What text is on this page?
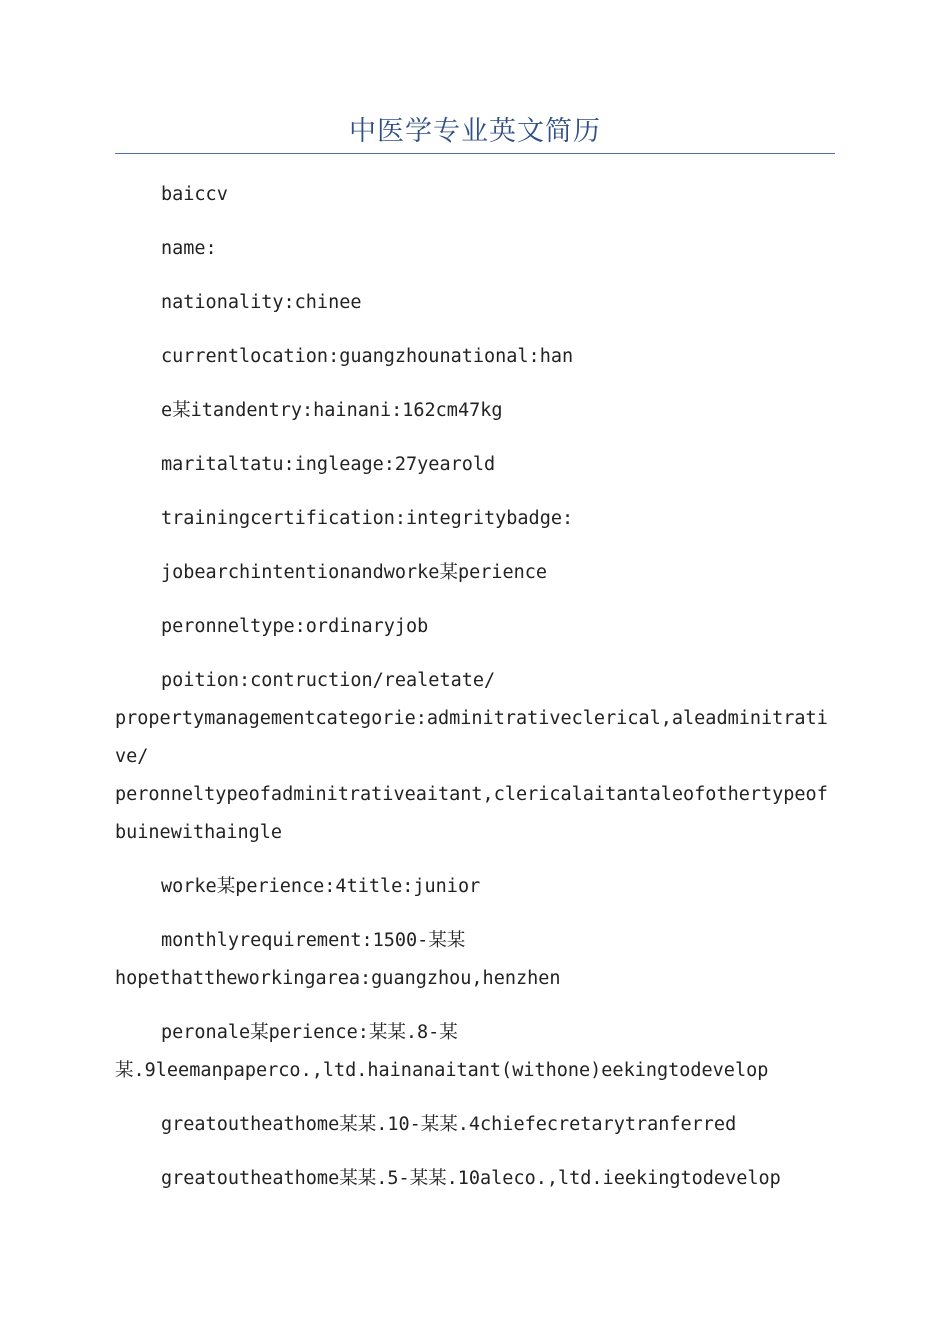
中医学专业英文简历
baiccv
name:
nationality:chinee
currentlocation:guangzhounational:han
e某itandentry:hainani:162cm47kg
maritaltatu:ingleage:27yearold
trainingcertification:integritybadge:
jobearchintentionandworke某perience
peronneltype:ordinaryjob
poition:contruction/realetate/
propertymanagementcategorie:adminitrativeclerical,aleadminitrati
ve/
peronneltypeofadminitrativeaitant,clericalaitantaleofothertypeof
buinewithaingle
worke某perience:4title:junior
monthlyrequirement:1500-某某
hopethattheworkingarea:guangzhou,henzhen
peronale某perience:某某.8-某
某.9leemanpaperco.,ltd.hainanaitant(withone)eekingtodevelop
greatoutheathome某某.10-某某.4chiefecretarytranferred
greatoutheathome某某.5-某某.10aleco.,ltd.ieekingtodevelop
